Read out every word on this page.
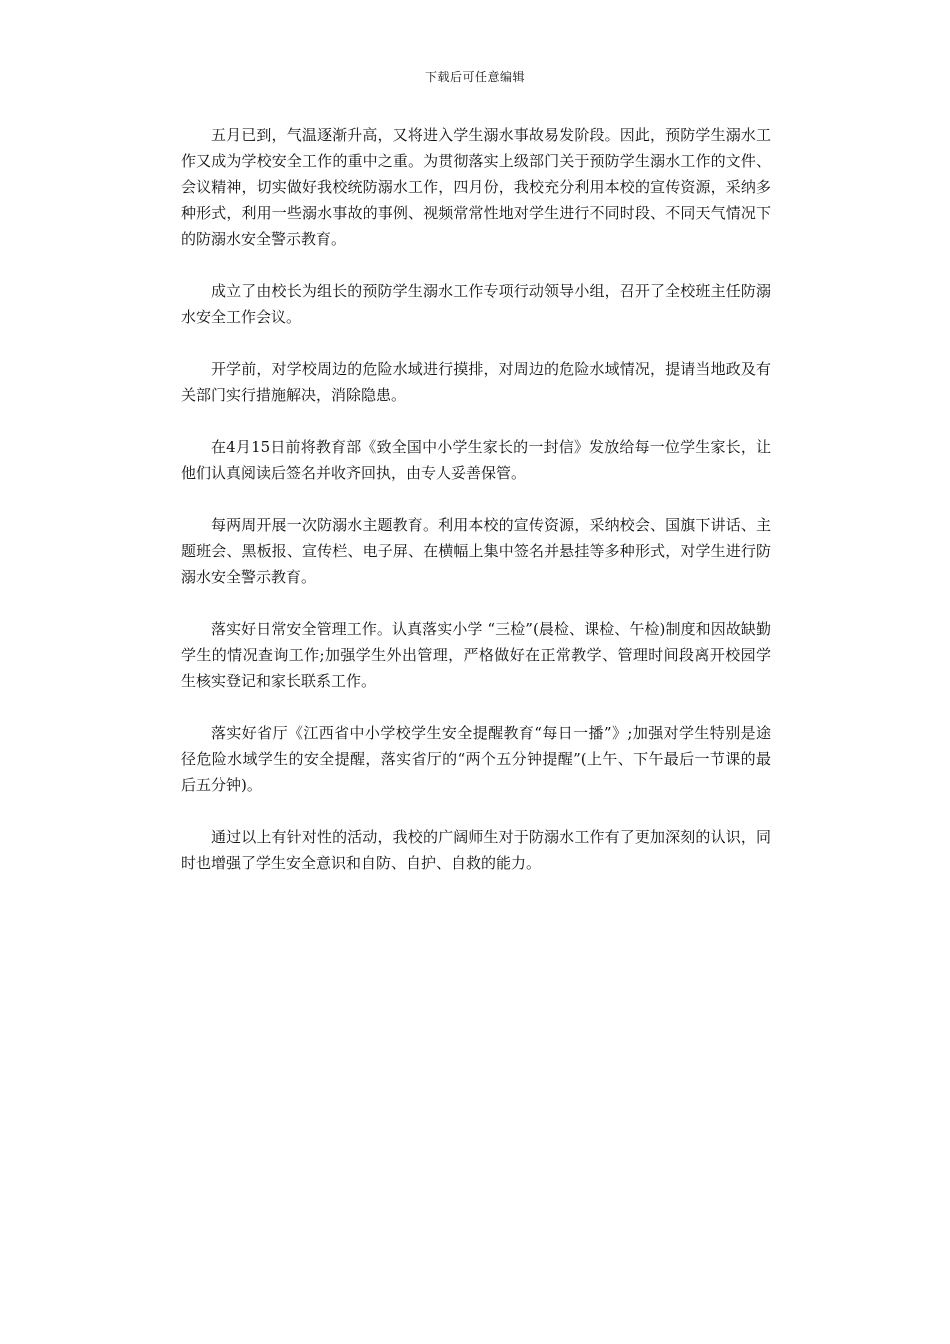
下载后可任意编辑

五月已到，气温逐渐升高，又将进入学生溺水事故易发阶段。因此，预防学生溺水工作又成为学校安全工作的重中之重。为贯彻落实上级部门关于预防学生溺水工作的文件、会议精神，切实做好我校统防溺水工作，四月份，我校充分利用本校的宣传资源，采纳多种形式，利用一些溺水事故的事例、视频常常性地对学生进行不同时段、不同天气情况下的防溺水安全警示教育。

成立了由校长为组长的预防学生溺水工作专项行动领导小组，召开了全校班主任防溺水安全工作会议。

开学前，对学校周边的危险水域进行摸排，对周边的危险水域情况，提请当地政及有关部门实行措施解决，消除隐患。

在4月15日前将教育部《致全国中小学生家长的一封信》发放给每一位学生家长，让他们认真阅读后签名并收齐回执，由专人妥善保管。

每两周开展一次防溺水主题教育。利用本校的宣传资源，采纳校会、国旗下讲话、主题班会、黑板报、宣传栏、电子屏、在横幅上集中签名并悬挂等多种形式，对学生进行防溺水安全警示教育。

落实好日常安全管理工作。认真落实小学 “三检”(晨检、课检、午检)制度和因故缺勤学生的情况查询工作;加强学生外出管理，严格做好在正常教学、管理时间段离开校园学生核实登记和家长联系工作。

落实好省厅《江西省中小学校学生安全提醒教育“每日一播”》;加强对学生特别是途径危险水域学生的安全提醒，落实省厅的“两个五分钟提醒”(上午、下午最后一节课的最后五分钟)。

通过以上有针对性的活动，我校的广阔师生对于防溺水工作有了更加深刻的认识，同时也增强了学生安全意识和自防、自护、自救的能力。
